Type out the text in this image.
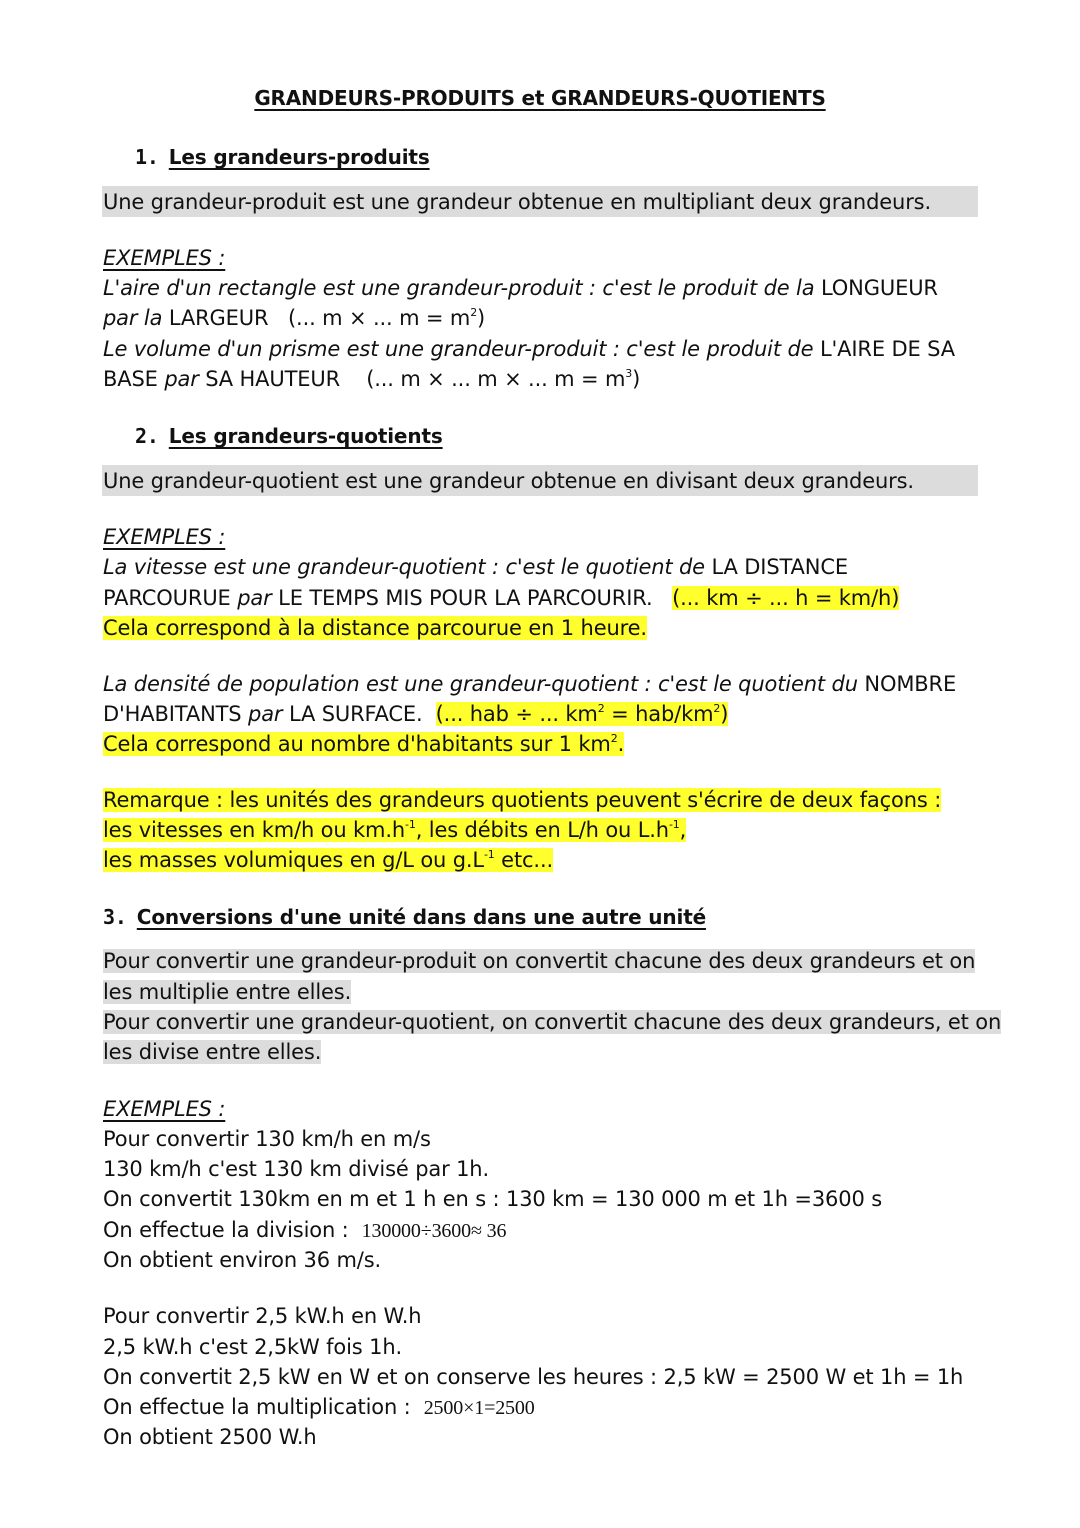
GRANDEURS-PRODUITS et GRANDEURS-QUOTIENTS
1. Les grandeurs-produits
Une grandeur-produit est une grandeur obtenue en multipliant deux grandeurs.
EXEMPLES :
L'aire d'un rectangle est une grandeur-produit : c'est le produit de la LONGUEUR
par la LARGEUR (... m × ... $m = m^2$)
Le volume d'un prisme est une grandeur-produit : c'est le produit de L'AIRE DE SA
BASE par SA HAUTEUR (... m × ... m × ... $m = m^3$)
2. Les grandeurs-quotients
Une grandeur-quotient est une grandeur obtenue en divisant deux grandeurs.
EXEMPLES :
La vitesse est une grandeur-quotient : c'est le quotient de LA DISTANCE
PARCOURUE par LE TEMPS MIS POUR LA PARCOURIR. (... km ÷ ... h = km/h)
Cela correspond à la distance parcourue en 1 heure.
La densité de population est une grandeur-quotient : c'est le quotient du NOMBRE
D'HABITANTS par LA SURFACE. (... hab ÷ ... $km^2 = hab/km^2$)
Cela correspond au nombre d'habitants sur 1 $km^2$.
Remarque : les unités des grandeurs quotients peuvent s'écrire de deux façons :
les vitesses en km/h ou $km.h^{-1}$, les débits en L/h ou $L.h^{-1}$,
les masses volumiques en g/L ou $g.L^{-1}$ etc...
3. Conversions d'une unité dans dans une autre unité
Pour convertir une grandeur-produit on convertit chacune des deux grandeurs et on
les multiplie entre elles.
Pour convertir une grandeur-quotient, on convertit chacune des deux grandeurs, et on
les divise entre elles.
EXEMPLES :
Pour convertir 130 km/h en m/s
130 km/h c'est 130 km divisé par 1h.
On convertit 130km en m et 1 h en s : 130 km = 130 000 m et 1h =3600 s
On effectue la division : 130000÷3600≈ 36
On obtient environ 36 m/s.
Pour convertir 2,5 kW.h en W.h
2,5 kW.h c'est 2,5kW fois 1h.
On convertit 2,5 kW en W et on conserve les heures : 2,5 kW = 2500 W et 1h = 1h
On effectue la multiplication : 2500×1=2500
On obtient 2500 W.h
